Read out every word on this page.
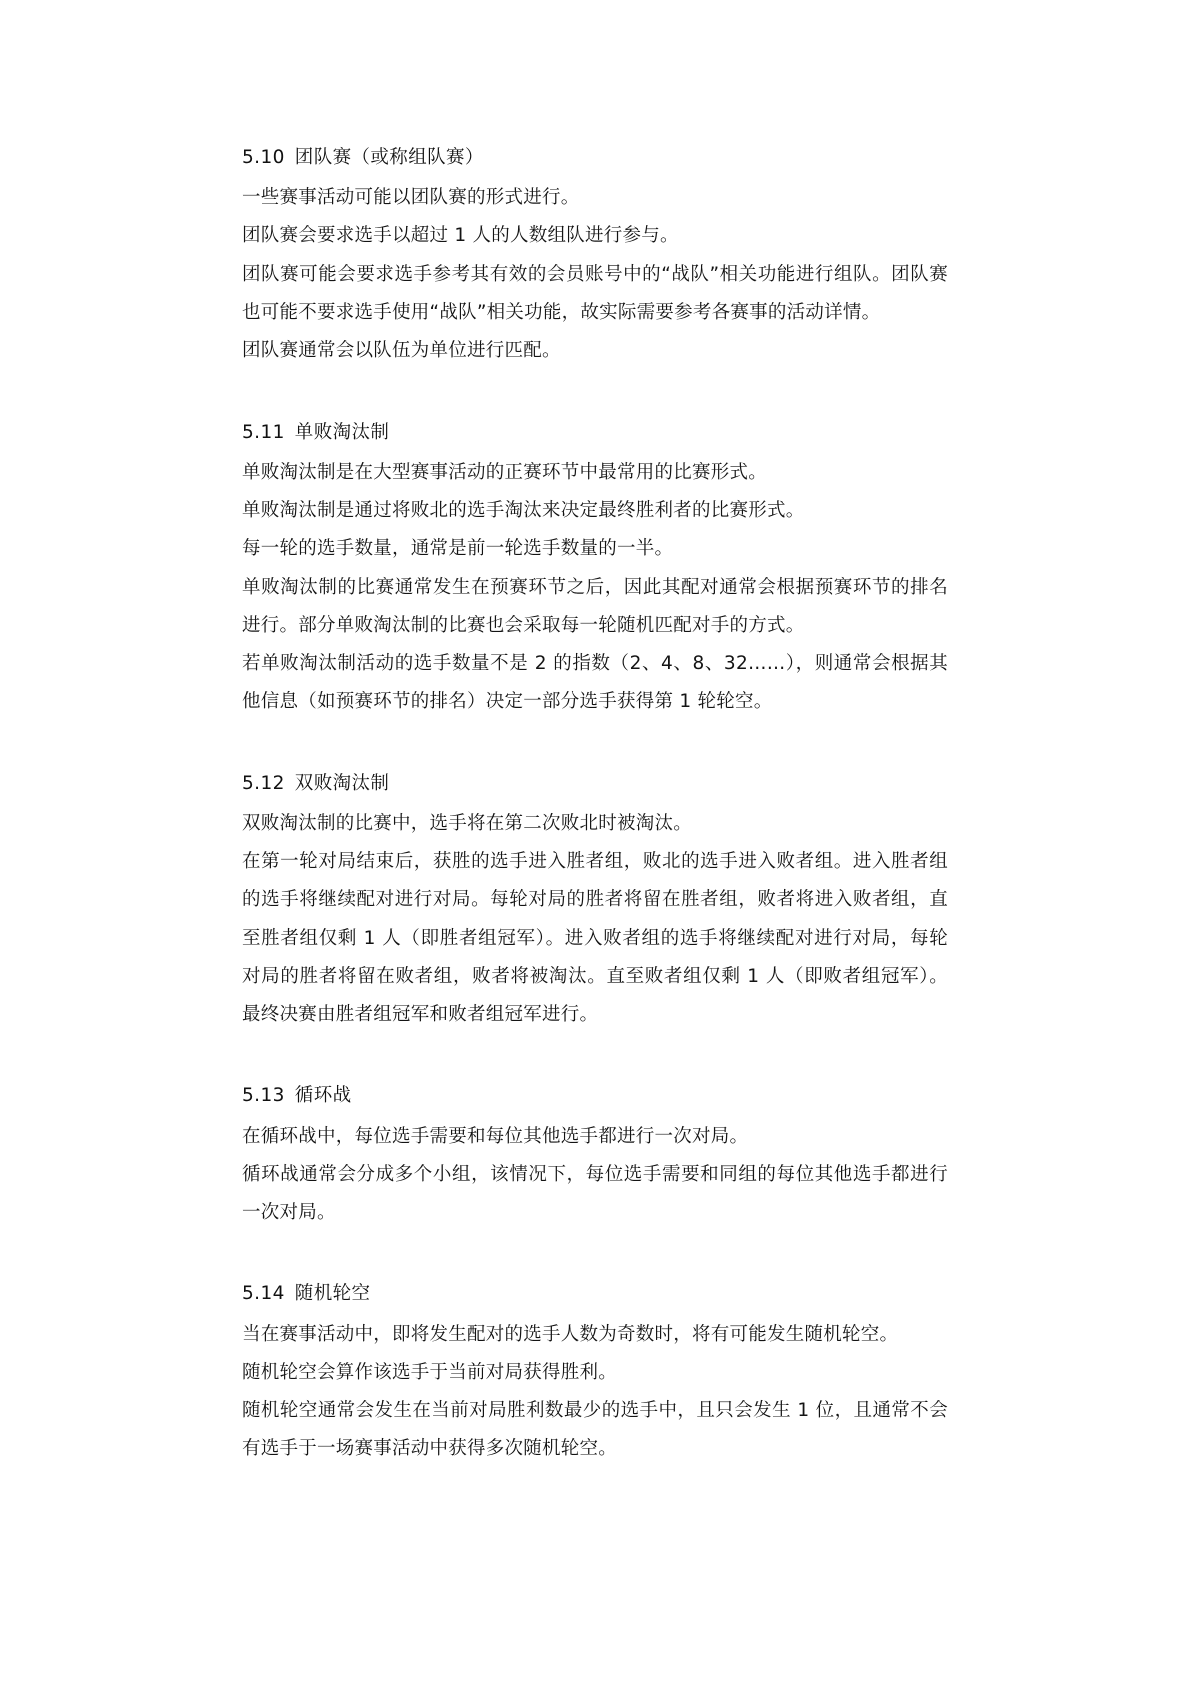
5.10 团队赛（或称组队赛）

一些赛事活动可能以团队赛的形式进行。

团队赛会要求选手以超过 1 人的人数组队进行参与。

团队赛可能会要求选手参考其有效的会员账号中的“战队”相关功能进行组队。团队赛也可能不要求选手使用“战队”相关功能，故实际需要参考各赛事的活动详情。

团队赛通常会以队伍为单位进行匹配。

5.11 单败淘汰制

单败淘汰制是在大型赛事活动的正赛环节中最常用的比赛形式。

单败淘汰制是通过将败北的选手淘汰来决定最终胜利者的比赛形式。

每一轮的选手数量，通常是前一轮选手数量的一半。

单败淘汰制的比赛通常发生在预赛环节之后，因此其配对通常会根据预赛环节的排名进行。部分单败淘汰制的比赛也会采取每一轮随机匹配对手的方式。

若单败淘汰制活动的选手数量不是 2 的指数（2、4、8、32……），则通常会根据其他信息（如预赛环节的排名）决定一部分选手获得第 1 轮轮空。

5.12 双败淘汰制

双败淘汰制的比赛中，选手将在第二次败北时被淘汰。

在第一轮对局结束后，获胜的选手进入胜者组，败北的选手进入败者组。进入胜者组的选手将继续配对进行对局。每轮对局的胜者将留在胜者组，败者将进入败者组，直至胜者组仅剩 1 人（即胜者组冠军）。进入败者组的选手将继续配对进行对局，每轮对局的胜者将留在败者组，败者将被淘汰。直至败者组仅剩 1 人（即败者组冠军）。最终决赛由胜者组冠军和败者组冠军进行。

5.13 循环战

在循环战中，每位选手需要和每位其他选手都进行一次对局。

循环战通常会分成多个小组，该情况下，每位选手需要和同组的每位其他选手都进行一次对局。

5.14 随机轮空

当在赛事活动中，即将发生配对的选手人数为奇数时，将有可能发生随机轮空。

随机轮空会算作该选手于当前对局获得胜利。

随机轮空通常会发生在当前对局胜利数最少的选手中，且只会发生 1 位，且通常不会有选手于一场赛事活动中获得多次随机轮空。
